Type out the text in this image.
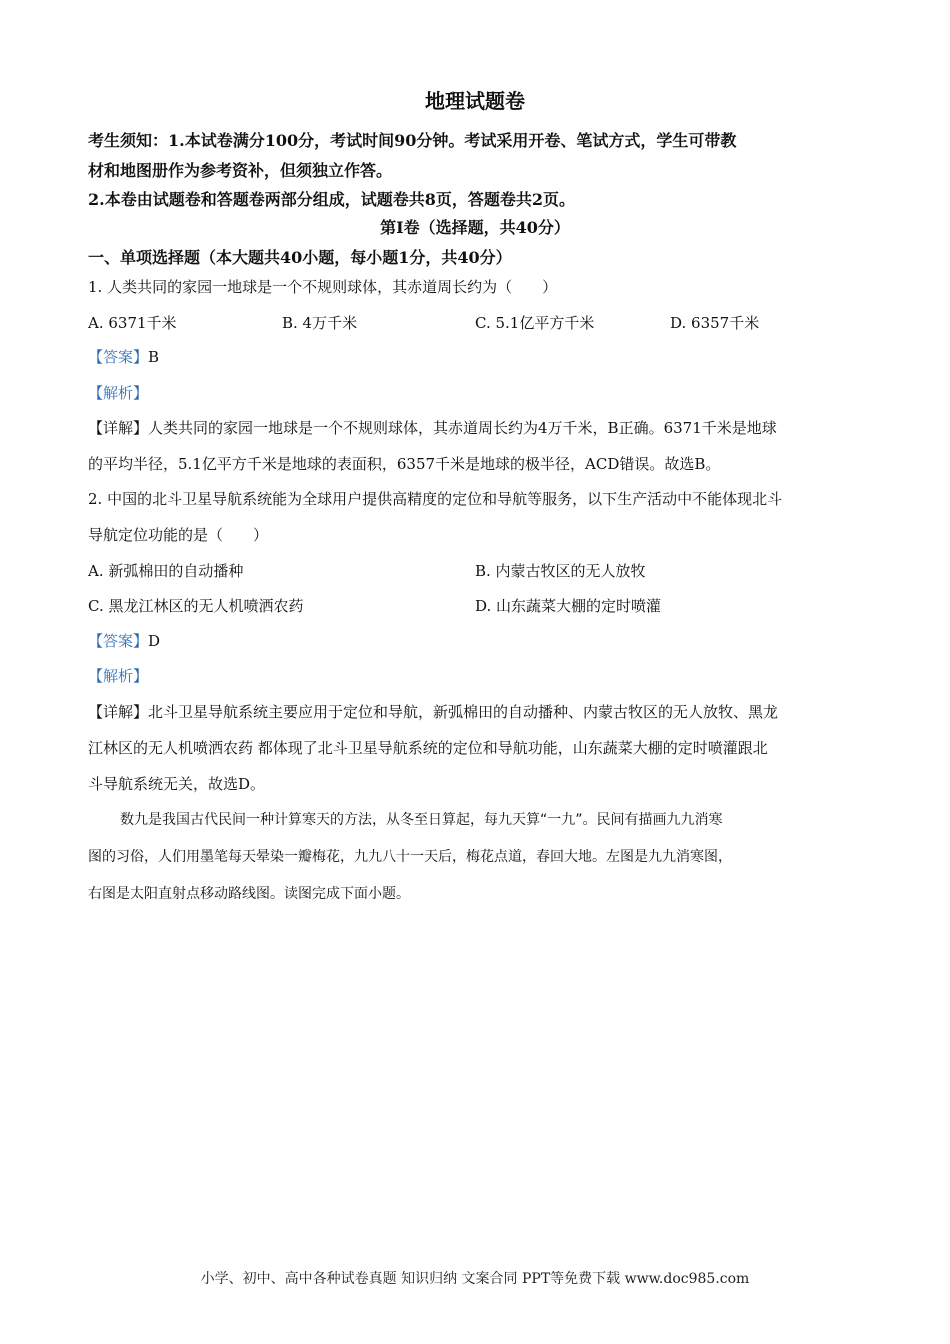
地理试题卷
考生须知：1.本试卷满分100分，考试时间90分钟。考试采用开卷、笔试方式，学生可带教
材和地图册作为参考资补，但须独立作答。
2.本卷由试题卷和答题卷两部分组成，试题卷共8页，答题卷共2页。
第Ⅰ卷（选择题，共40分）
一、单项选择题（本大题共40小题，每小题1分，共40分）
1. 人类共同的家园一地球是一个不规则球体，其赤道周长约为（　　）
A. 6371千米	B. 4万千米	C. 5.1亿平方千米	D. 6357千米
【答案】B
【解析】
【详解】人类共同的家园一地球是一个不规则球体，其赤道周长约为4万千米，B正确。6371千米是地球
的平均半径，5.1亿平方千米是地球的表面积，6357千米是地球的极半径，ACD错误。故选B。
2. 中国的北斗卫星导航系统能为全球用户提供高精度的定位和导航等服务，以下生产活动中不能体现北斗
导航定位功能的是（　　）
A. 新弧棉田的自动播种	B. 内蒙古牧区的无人放牧
C. 黑龙江林区的无人机喷洒农药	D. 山东蔬菜大棚的定时喷灌
【答案】D
【解析】
【详解】北斗卫星导航系统主要应用于定位和导航，新弧棉田的自动播种、内蒙古牧区的无人放牧、黑龙
江林区的无人机喷洒农药 都体现了北斗卫星导航系统的定位和导航功能，山东蔬菜大棚的定时喷灌跟北
斗导航系统无关，故选D。
数九是我国古代民间一种计算寒天的方法，从冬至日算起，每九天算“一九”。民间有描画九九消寒
图的习俗，人们用墨笔每天晕染一瓣梅花，九九八十一天后，梅花点道，春回大地。左图是九九消寒图，
右图是太阳直射点移动路线图。读图完成下面小题。
小学、初中、高中各种试卷真题 知识归纳 文案合同 PPT等免费下载 www.doc985.com
